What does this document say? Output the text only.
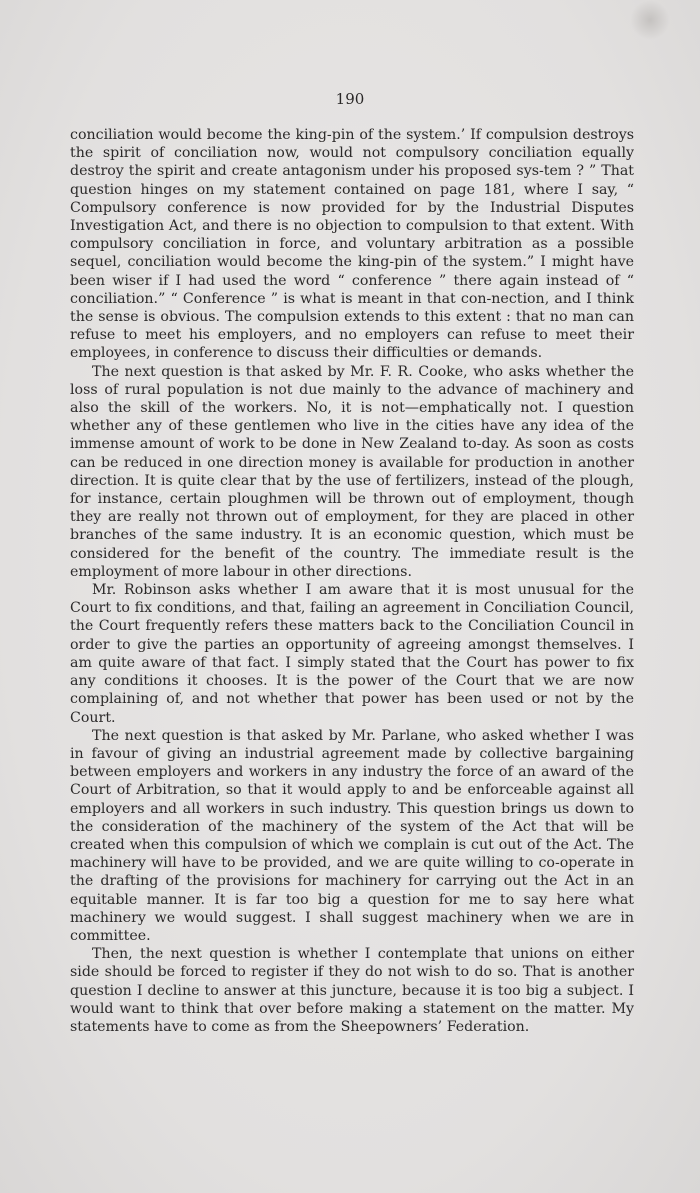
190

conciliation would become the king-pin of the system.’ If compulsion destroys the spirit of conciliation now, would not compulsory conciliation equally destroy the spirit and create antagonism under his proposed sys-tem ? ” That question hinges on my statement contained on page 181, where I say, “ Compulsory conference is now provided for by the Industrial Disputes Investigation Act, and there is no objection to compulsion to that extent. With compulsory conciliation in force, and voluntary arbitration as a possible sequel, conciliation would become the king-pin of the system.” I might have been wiser if I had used the word “ conference ” there again instead of “ conciliation.” “ Conference ” is what is meant in that con-nection, and I think the sense is obvious. The compulsion extends to this extent : that no man can refuse to meet his employers, and no employers can refuse to meet their employees, in conference to discuss their difficulties or demands.

The next question is that asked by Mr. F. R. Cooke, who asks whether the loss of rural population is not due mainly to the advance of machinery and also the skill of the workers. No, it is not—emphatically not. I question whether any of these gentlemen who live in the cities have any idea of the immense amount of work to be done in New Zealand to-day. As soon as costs can be reduced in one direction money is available for production in another direction. It is quite clear that by the use of fertilizers, instead of the plough, for instance, certain ploughmen will be thrown out of employment, though they are really not thrown out of employment, for they are placed in other branches of the same industry. It is an economic question, which must be considered for the benefit of the country. The immediate result is the employment of more labour in other directions.

Mr. Robinson asks whether I am aware that it is most unusual for the Court to fix conditions, and that, failing an agreement in Conciliation Council, the Court frequently refers these matters back to the Conciliation Council in order to give the parties an opportunity of agreeing amongst themselves. I am quite aware of that fact. I simply stated that the Court has power to fix any conditions it chooses. It is the power of the Court that we are now complaining of, and not whether that power has been used or not by the Court.

The next question is that asked by Mr. Parlane, who asked whether I was in favour of giving an industrial agreement made by collective bargaining between employers and workers in any industry the force of an award of the Court of Arbitration, so that it would apply to and be enforceable against all employers and all workers in such industry. This question brings us down to the consideration of the machinery of the system of the Act that will be created when this compulsion of which we complain is cut out of the Act. The machinery will have to be provided, and we are quite willing to co-operate in the drafting of the provisions for machinery for carrying out the Act in an equitable manner. It is far too big a question for me to say here what machinery we would suggest. I shall suggest machinery when we are in committee.

Then, the next question is whether I contemplate that unions on either side should be forced to register if they do not wish to do so. That is another question I decline to answer at this juncture, because it is too big a subject. I would want to think that over before making a statement on the matter. My statements have to come as from the Sheepowners’ Federation.
